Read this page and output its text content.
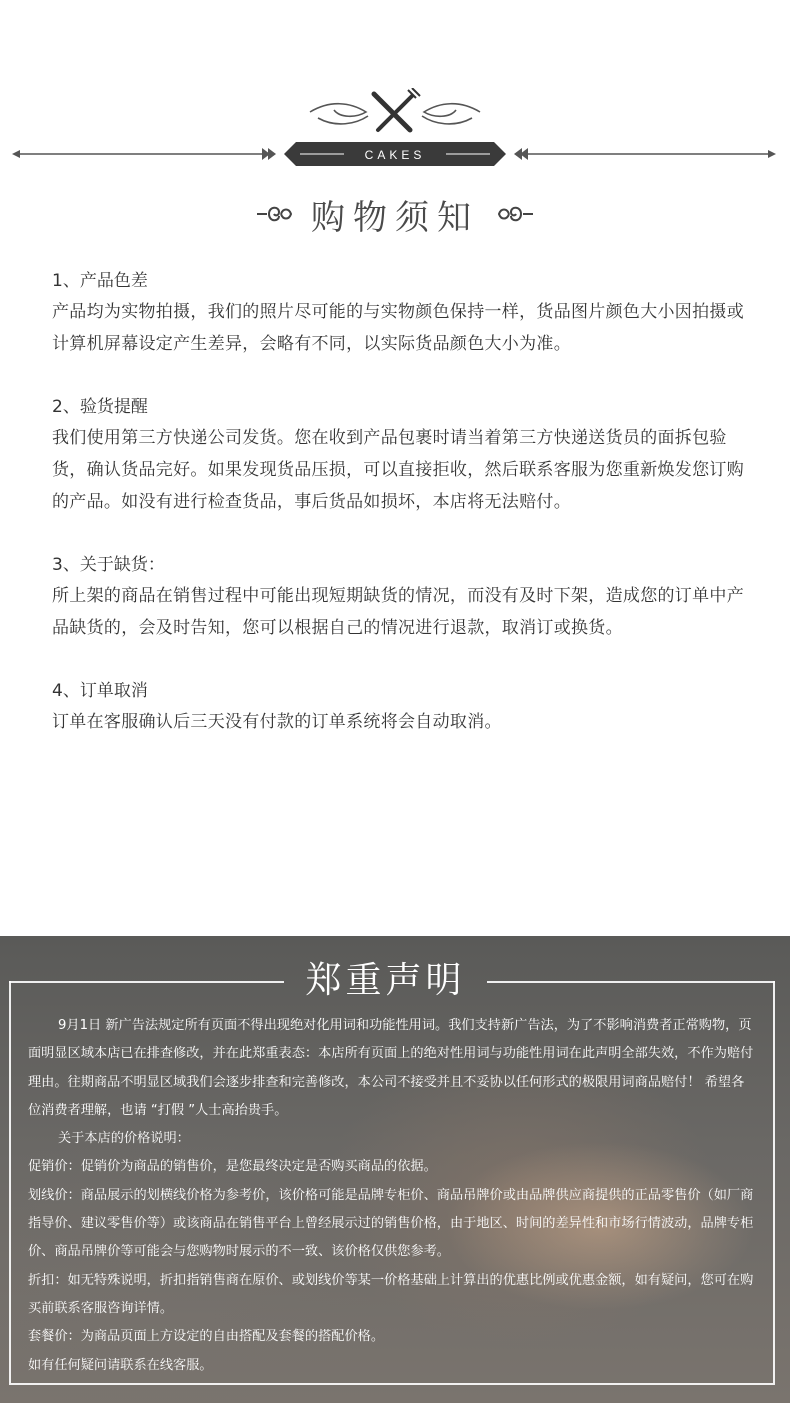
CAKES
购物须知
1、产品色差

产品均为实物拍摄，我们的照片尽可能的与实物颜色保持一样，货品图片颜色大小因拍摄或计算机屏幕设定产生差异，会略有不同，以实际货品颜色大小为准。

2、验货提醒

我们使用第三方快递公司发货。您在收到产品包裹时请当着第三方快递送货员的面拆包验货，确认货品完好。如果发现货品压损，可以直接拒收，然后联系客服为您重新焕发您订购的产品。如没有进行检查货品，事后货品如损坏，本店将无法赔付。

3、关于缺货：

所上架的商品在销售过程中可能出现短期缺货的情况，而没有及时下架，造成您的订单中产品缺货的，会及时告知，您可以根据自己的情况进行退款，取消订或换货。

4、订单取消

订单在客服确认后三天没有付款的订单系统将会自动取消。

郑重声明

9月1日 新广告法规定所有页面不得出现绝对化用词和功能性用词。我们支持新广告法，为了不影响消费者正常购物，页面明显区域本店已在排查修改，并在此郑重表态：本店所有页面上的绝对性用词与功能性用词在此声明全部失效，不作为赔付理由。往期商品不明显区域我们会逐步排查和完善修改，本公司不接受并且不妥协以任何形式的极限用词商品赔付！ 希望各位消费者理解，也请 “打假 ”人士高抬贵手。

关于本店的价格说明：

促销价：促销价为商品的销售价，是您最终决定是否购买商品的依据。

划线价：商品展示的划横线价格为参考价，该价格可能是品牌专柜价、商品吊牌价或由品牌供应商提供的正品零售价（如厂商指导价、建议零售价等）或该商品在销售平台上曾经展示过的销售价格，由于地区、时间的差异性和市场行情波动，品牌专柜价、商品吊牌价等可能会与您购物时展示的不一致、该价格仅供您参考。

折扣：如无特殊说明，折扣指销售商在原价、或划线价等某一价格基础上计算出的优惠比例或优惠金额，如有疑问，您可在购买前联系客服咨询详情。

套餐价：为商品页面上方设定的自由搭配及套餐的搭配价格。

如有任何疑问请联系在线客服。
